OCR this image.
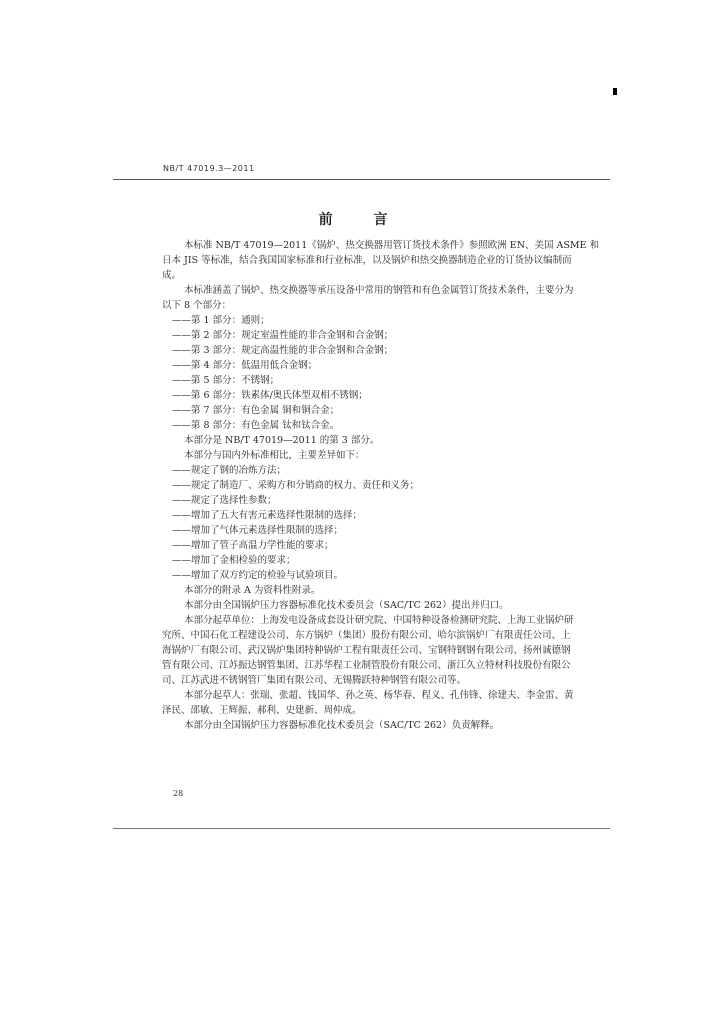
NB/T 47019.3—2011
前 言

本标准 NB/T 47019—2011《锅炉、热交换器用管订货技术条件》参照欧洲 EN、美国 ASME 和

日本 JIS 等标准，结合我国国家标准和行业标准，以及锅炉和热交换器制造企业的订货协议编制而

成。

本标准涵盖了锅炉、热交换器等承压设备中常用的钢管和有色金属管订货技术条件，主要分为

以下 8 个部分：

——第 1 部分：通则；

——第 2 部分：规定室温性能的非合金钢和合金钢；

——第 3 部分：规定高温性能的非合金钢和合金钢；

——第 4 部分：低温用低合金钢；

——第 5 部分：不锈钢；

——第 6 部分：铁素体/奥氏体型双相不锈钢；

——第 7 部分：有色金属 铜和铜合金；

——第 8 部分：有色金属 钛和钛合金。

本部分是 NB/T 47019—2011 的第 3 部分。

本部分与国内外标准相比，主要差异如下：

——规定了钢的冶炼方法；

——规定了制造厂、采购方和分销商的权力、责任和义务；

——规定了选择性参数；

——增加了五大有害元素选择性限制的选择；

——增加了气体元素选择性限制的选择；

——增加了管子高温力学性能的要求；

——增加了金相检验的要求；

——增加了双方约定的检验与试验项目。

本部分的附录 A 为资料性附录。

本部分由全国锅炉压力容器标准化技术委员会（SAC/TC 262）提出并归口。

本部分起草单位：上海发电设备成套设计研究院、中国特种设备检测研究院、上海工业锅炉研

究所、中国石化工程建设公司、东方锅炉（集团）股份有限公司、哈尔滨锅炉厂有限责任公司、上

海锅炉厂有限公司、武汉锅炉集团特种锅炉工程有限责任公司、宝钢特钢钢有限公司、扬州诚德钢

管有限公司、江苏振达钢管集团、江苏华程工业制管股份有限公司、浙江久立特材科技股份有限公

司、江苏武进不锈钢管厂集团有限公司、无锡腾跃特种钢管有限公司等。

本部分起草人：张瑞、张超、钱国华、孙之英、杨华春、程义、孔伟锋、徐建夫、李金雷、黄

泽民、邵敏、王辉振、郝利、史建新、周仲成。

本部分由全国锅炉压力容器标准化技术委员会（SAC/TC 262）负责解释。

28
